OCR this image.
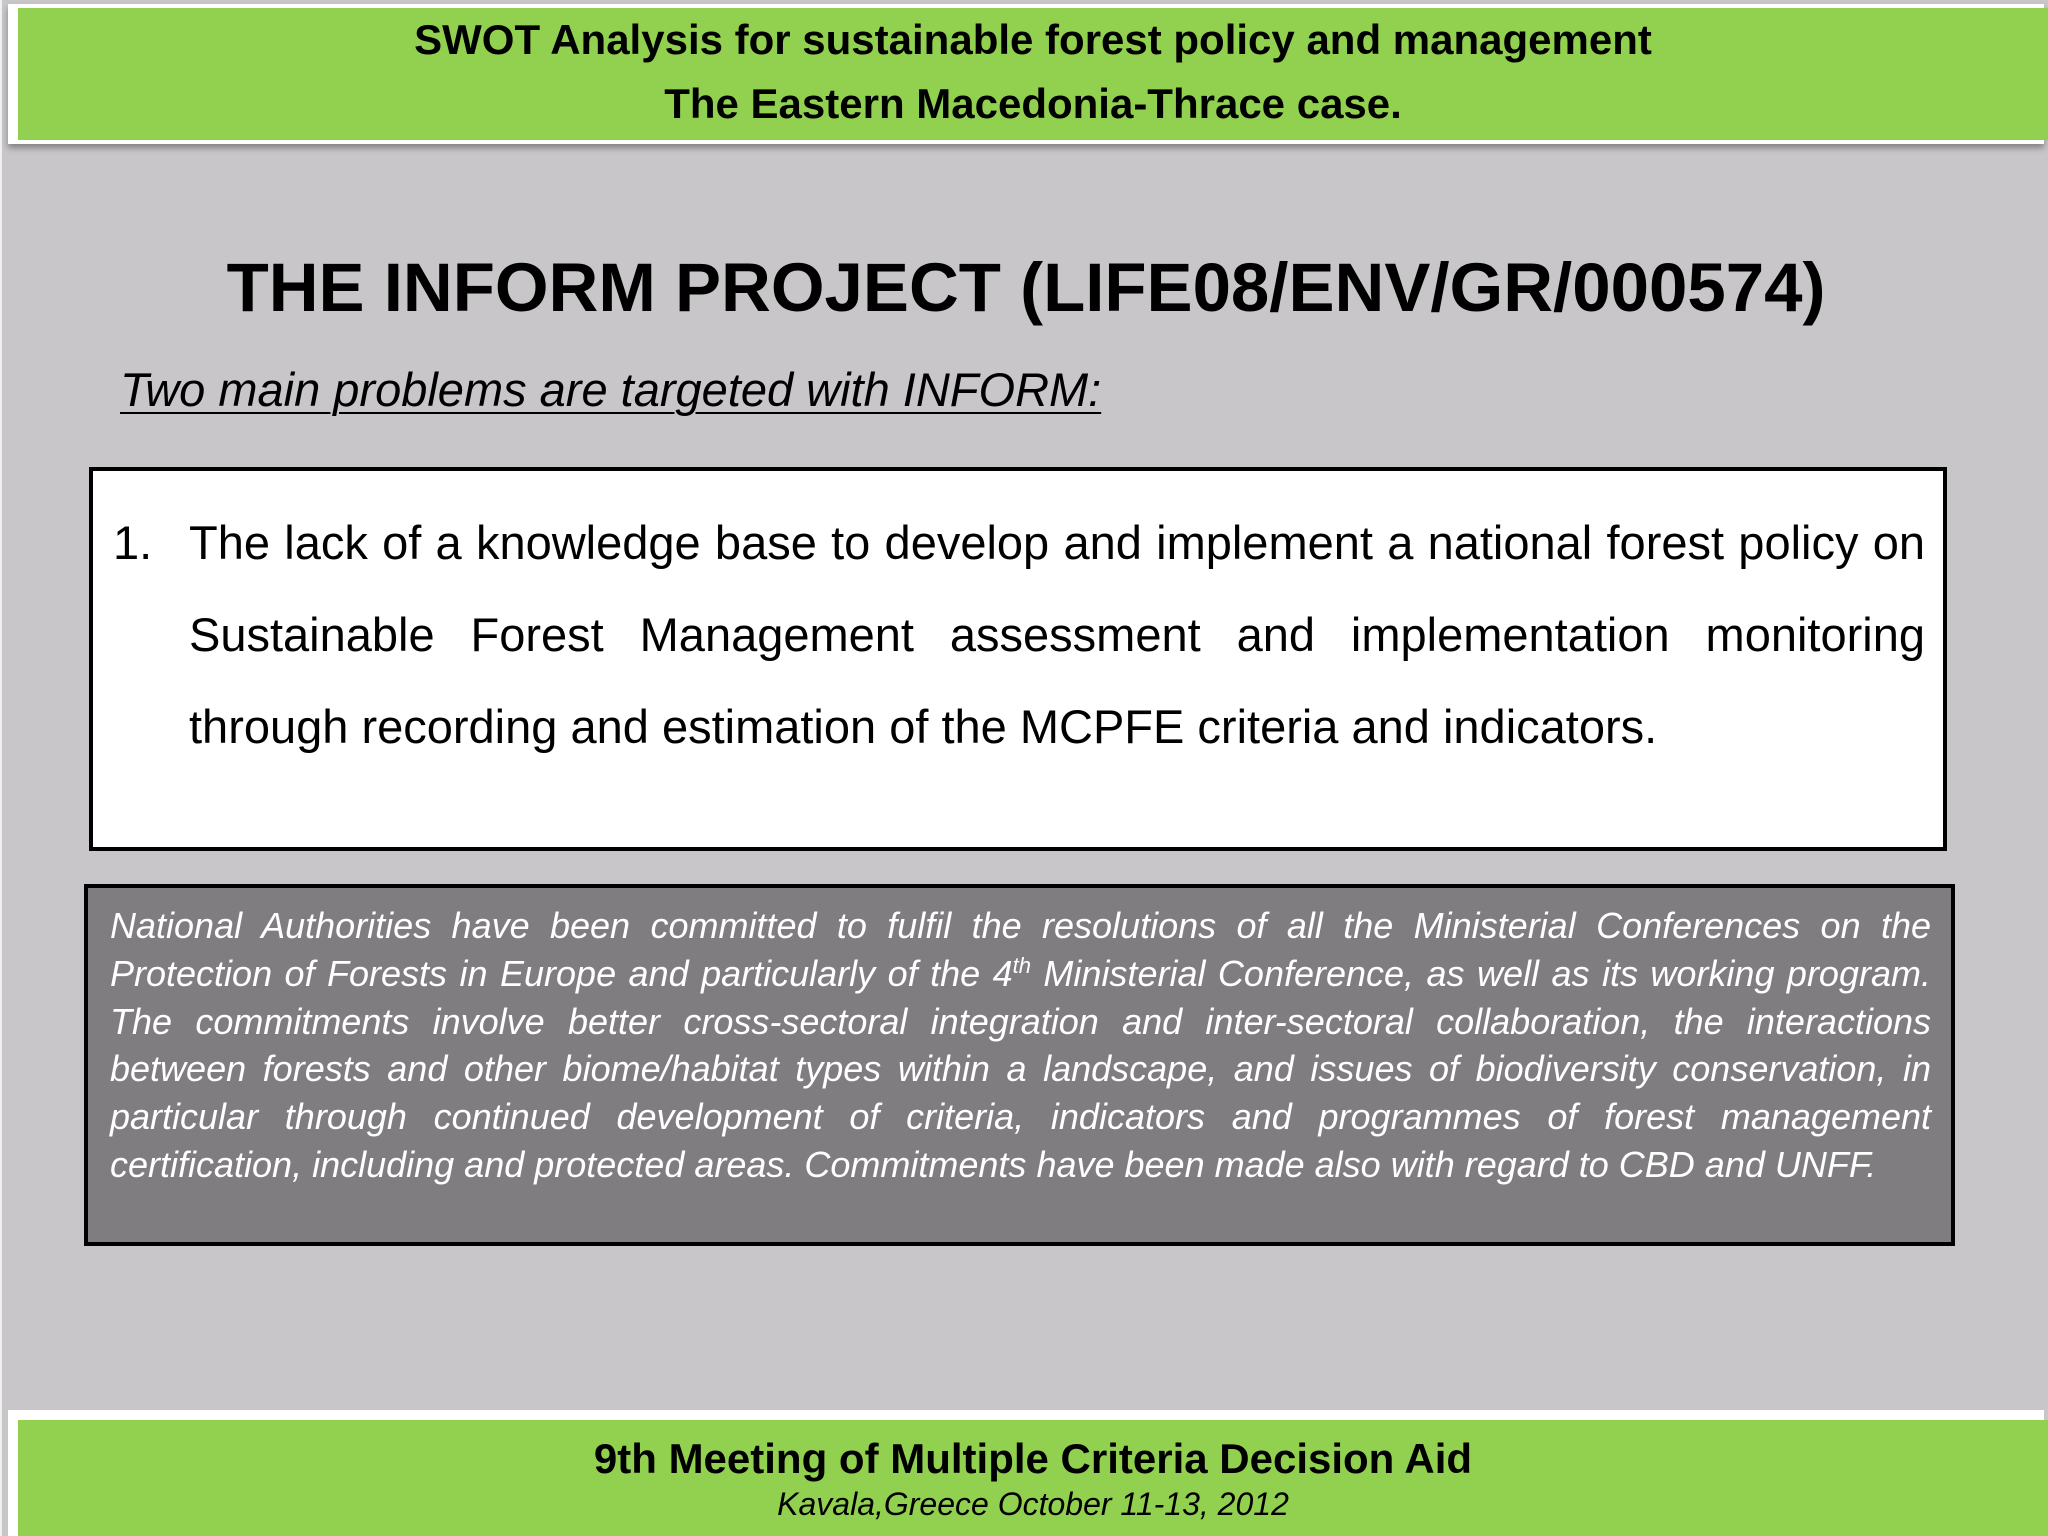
SWOT Analysis for sustainable forest policy and management
The Eastern Macedonia-Thrace case.
THE INFORM PROJECT (LIFE08/ENV/GR/000574)
Two main problems are targeted with INFORM:
1. The lack of a knowledge base to develop and implement a national forest policy on Sustainable Forest Management assessment and implementation monitoring through recording and estimation of the MCPFE criteria and indicators.
National Authorities have been committed to fulfil the resolutions of all the Ministerial Conferences on the Protection of Forests in Europe and particularly of the 4th Ministerial Conference, as well as its working program. The commitments involve better cross-sectoral integration and inter-sectoral collaboration, the interactions between forests and other biome/habitat types within a landscape, and issues of biodiversity conservation, in particular through continued development of criteria, indicators and programmes of forest management certification, including and protected areas. Commitments have been made also with regard to CBD and UNFF.
9th Meeting of Multiple Criteria Decision Aid
Kavala,Greece October 11-13, 2012
